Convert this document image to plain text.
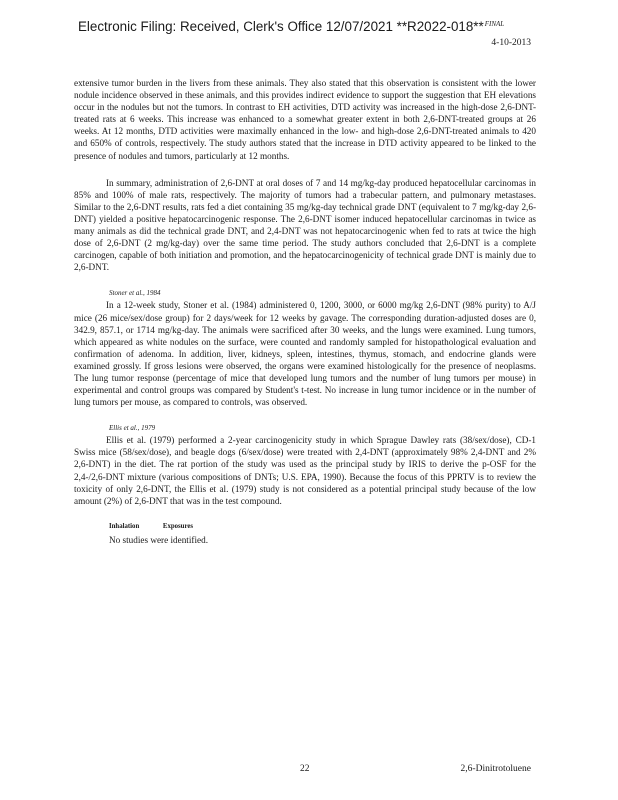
Electronic Filing: Received, Clerk's Office 12/07/2021 **R2022-018**$^{FINAL}$
4-10-2013

extensive tumor burden in the livers from these animals. They also stated that this observation is consistent with the lower nodule incidence observed in these animals, and this provides indirect evidence to support the suggestion that EH elevations occur in the nodules but not the tumors. In contrast to EH activities, DTD activity was increased in the high-dose 2,6-DNT-treated rats at 6 weeks. This increase was enhanced to a somewhat greater extent in both 2,6-DNT-treated groups at 26 weeks. At 12 months, DTD activities were maximally enhanced in the low- and high-dose 2,6-DNT-treated animals to 420 and 650% of controls, respectively. The study authors stated that the increase in DTD activity appeared to be linked to the presence of nodules and tumors, particularly at 12 months.

In summary, administration of 2,6-DNT at oral doses of 7 and 14 mg/kg-day produced hepatocellular carcinomas in 85% and 100% of male rats, respectively. The majority of tumors had a trabecular pattern, and pulmonary metastases. Similar to the 2,6-DNT results, rats fed a diet containing 35 mg/kg-day technical grade DNT (equivalent to 7 mg/kg-day 2,6-DNT) yielded a positive hepatocarcinogenic response. The 2,6-DNT isomer induced hepatocellular carcinomas in twice as many animals as did the technical grade DNT, and 2,4-DNT was not hepatocarcinogenic when fed to rats at twice the high dose of 2,6-DNT (2 mg/kg-day) over the same time period. The study authors concluded that 2,6-DNT is a complete carcinogen, capable of both initiation and promotion, and the hepatocarcinogenicity of technical grade DNT is mainly due to 2,6-DNT.

Stoner et al., 1984

In a 12-week study, Stoner et al. (1984) administered 0, 1200, 3000, or 6000 mg/kg 2,6-DNT (98% purity) to A/J mice (26 mice/sex/dose group) for 2 days/week for 12 weeks by gavage. The corresponding duration-adjusted doses are 0, 342.9, 857.1, or 1714 mg/kg-day. The animals were sacrificed after 30 weeks, and the lungs were examined. Lung tumors, which appeared as white nodules on the surface, were counted and randomly sampled for histopathological evaluation and confirmation of adenoma. In addition, liver, kidneys, spleen, intestines, thymus, stomach, and endocrine glands were examined grossly. If gross lesions were observed, the organs were examined histologically for the presence of neoplasms. The lung tumor response (percentage of mice that developed lung tumors and the number of lung tumors per mouse) in experimental and control groups was compared by Student's t-test. No increase in lung tumor incidence or in the number of lung tumors per mouse, as compared to controls, was observed.

Ellis et al., 1979

Ellis et al. (1979) performed a 2-year carcinogenicity study in which Sprague Dawley rats (38/sex/dose), CD-1 Swiss mice (58/sex/dose), and beagle dogs (6/sex/dose) were treated with 2,4-DNT (approximately 98% 2,4-DNT and 2% 2,6-DNT) in the diet. The rat portion of the study was used as the principal study by IRIS to derive the p-OSF for the 2,4-/2,6-DNT mixture (various compositions of DNTs; U.S. EPA, 1990). Because the focus of this PPRTV is to review the toxicity of only 2,6-DNT, the Ellis et al. (1979) study is not considered as a potential principal study because of the low amount (2%) of 2,6-DNT that was in the test compound.

Inhalation Exposures

No studies were identified.

22	2,6-Dinitrotoluene
